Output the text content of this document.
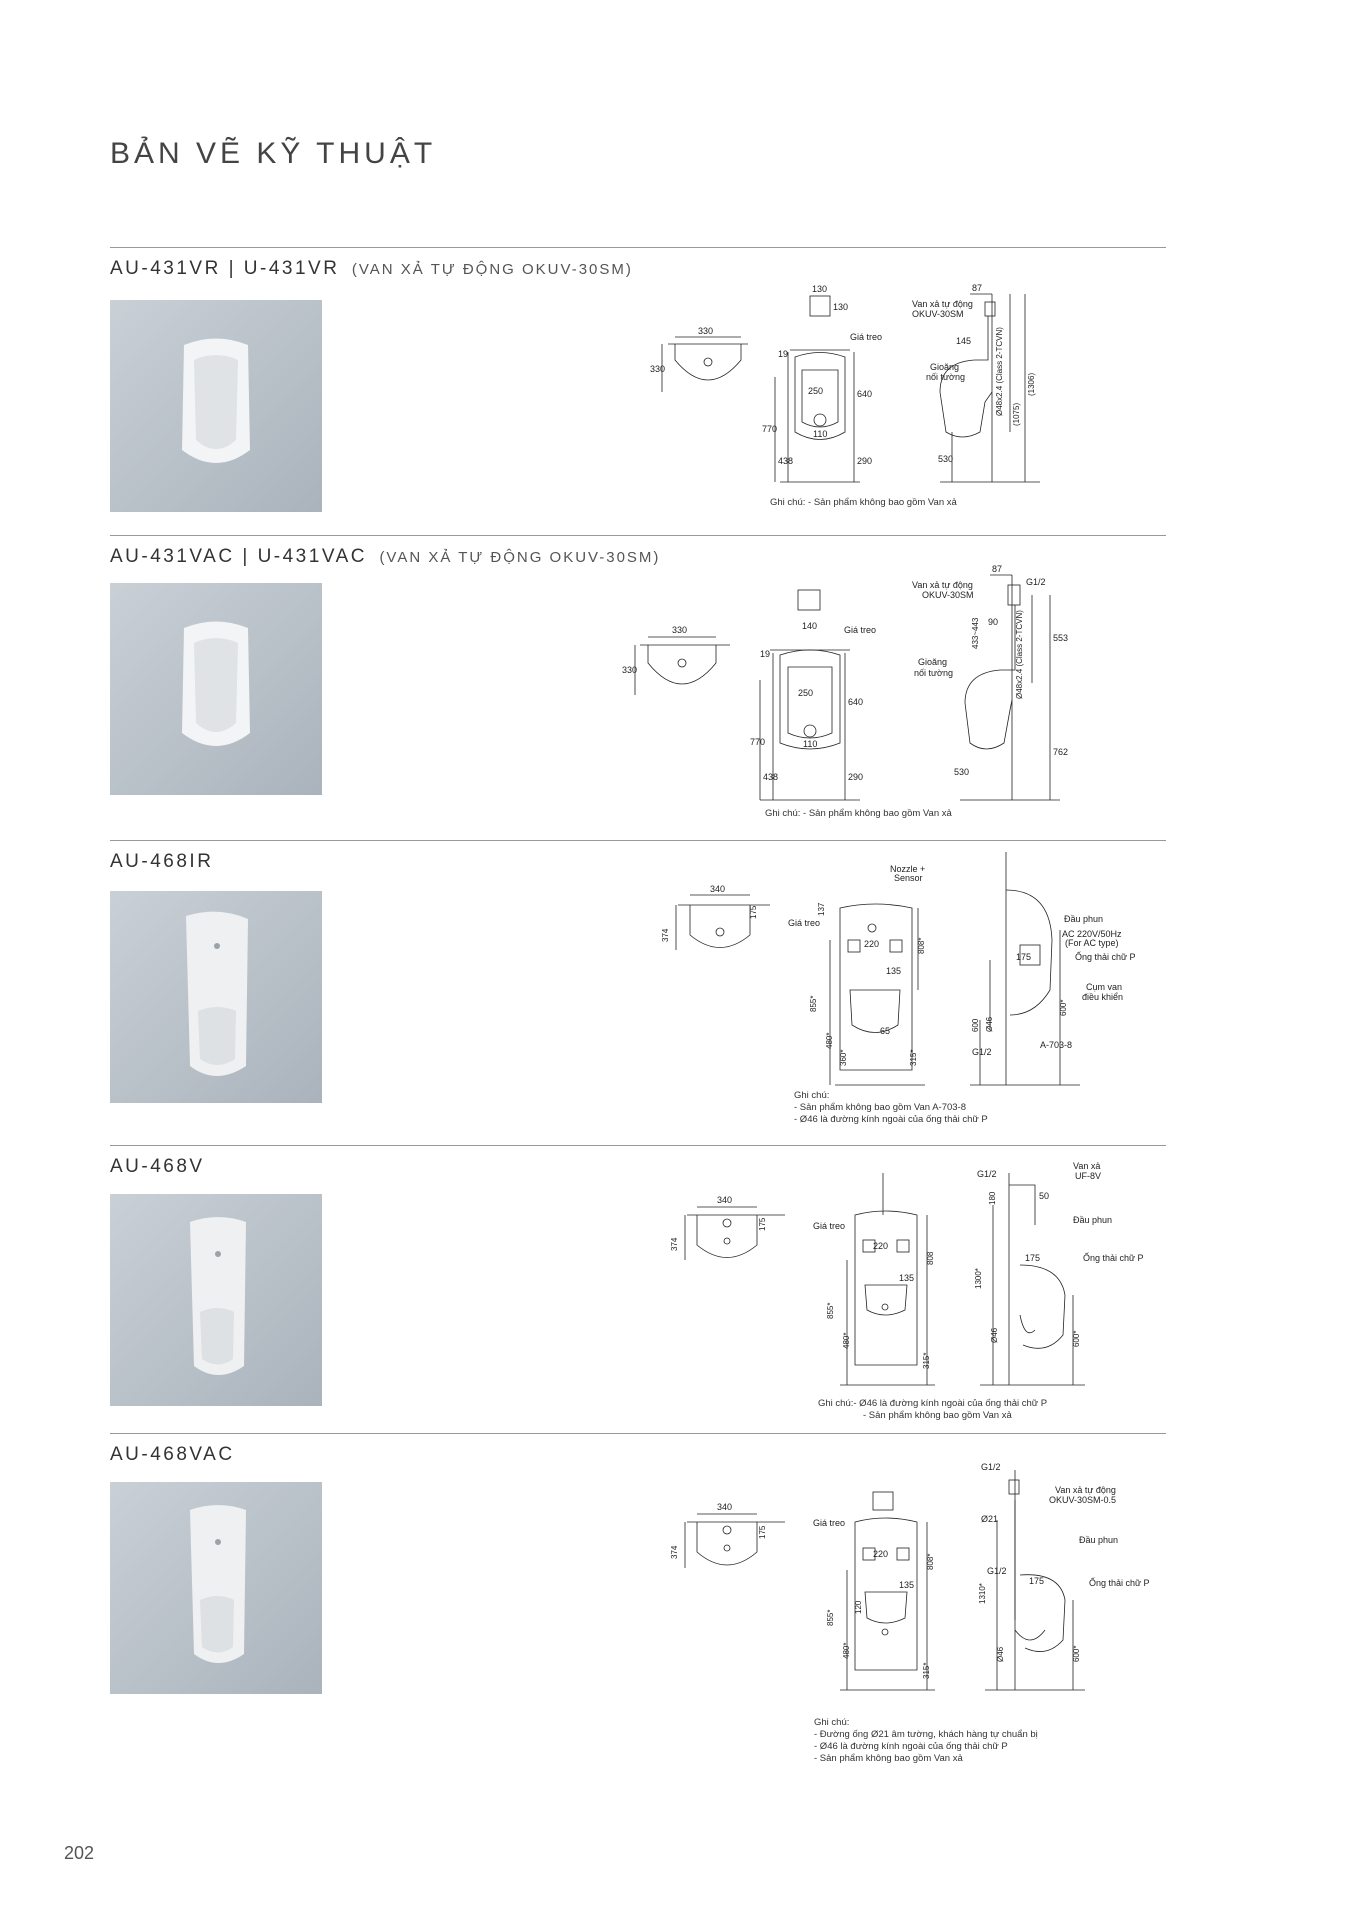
BẢN VẼ KỸ THUẬT
AU-431VR | U-431VR (VAN XẢ TỰ ĐỘNG OKUV-30SM)
330
330
130
130
19
Giá treo
250	640
770
438	290
110
87
Van xả tự động
OKUV-30SM
Gioăng
nối tường
145	Ø48x2.4 (Class 2-TCVN) (1075)
(1306)
530
Ghi chú: - Sản phẩm không bao gồm Van xả
AU-431VAC | U-431VAC (VAN XẢ TỰ ĐỘNG OKUV-30SM)
330
330
140
19
Giá treo
250
640
770
438	290
110
87
G1/2
Van xả tự động
OKUV-30SM
90
433~443
Gioăng
nối tường	Ø48x2.4 (Class 2-TCVN)	553
762
530
Ghi chú: - Sản phẩm không bao gồm Van xả
AU-468IR
340
374
175
Nozzle +
Sensor
137
Giá treo
220	808*
135
855*
480*
360*
65
315*
Đầu phun
AC 220V/50Hz
(For AC type)
Ống thải chữ P
175
Cụm van
điều khiển
600 Ø46
600*
G1/2
A-703-8
Ghi chú:
- Sản phẩm không bao gồm Van A-703-8
- Ø46 là đường kính ngoài của ống thải chữ P
AU-468V
340
374
175	Giá treo
220
808
135
855*
480*
315*
G1/2
Van xả
UF-8V
180	50
Đầu phun
175	Ống thải chữ P
1300*
Ø46	600*
Ghi chú:- Ø46 là đường kính ngoài của ống thải chữ P
- Sản phẩm không bao gồm Van xả
AU-468VAC
340
374
175
Giá treo
220	808*
120
135
855*
480*
315*
G1/2
Van xả tự động
OKUV-30SM-0.5
Ø21
Đầu phun
G1/2
175	Ống thải chữ P
1310*
Ø46	600*
Ghi chú:
- Đường ống Ø21 âm tường, khách hàng tự chuẩn bị
- Ø46 là đường kính ngoài của ống thải chữ P
- Sản phẩm không bao gồm Van xả
202
